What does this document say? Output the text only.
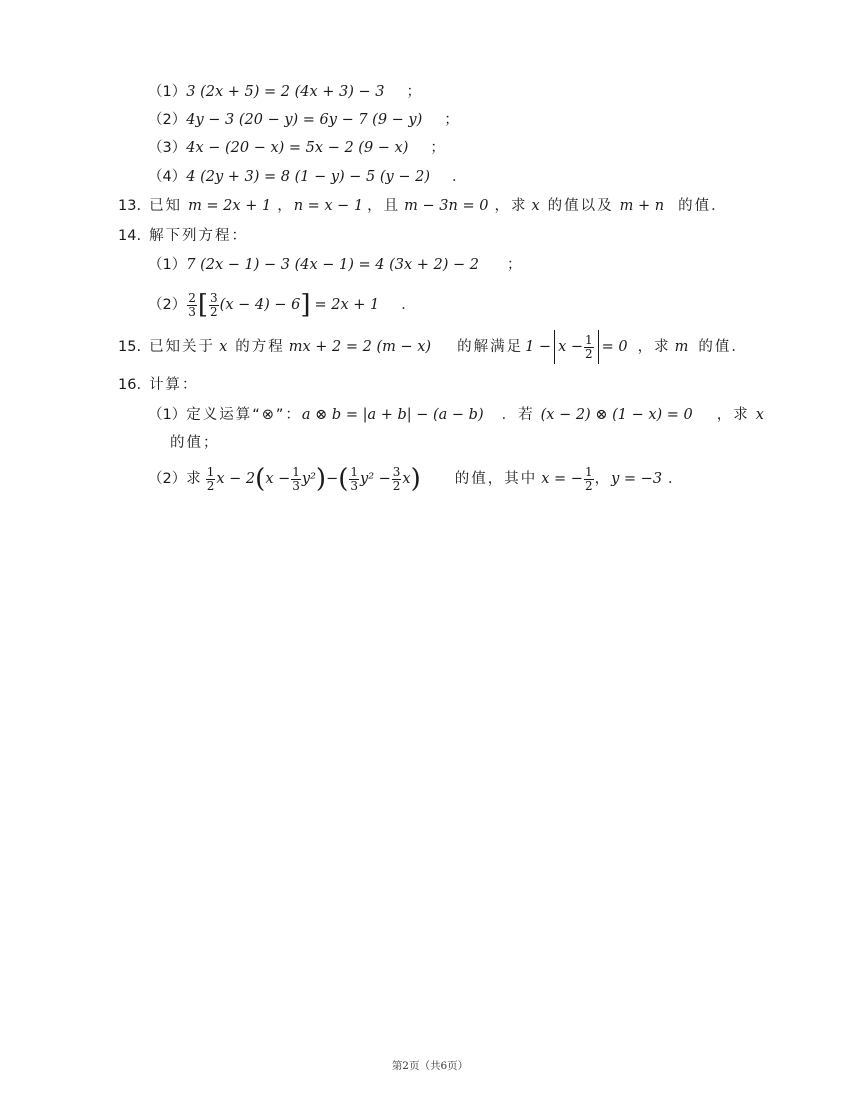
（1）3 (2x + 5) = 2 (4x + 3) − 3 ；
（2）4y − 3 (20 − y) = 6y − 7 (9 − y) ；
（3）4x − (20 − x) = 5x − 2 (9 − x) ；
（4）4 (2y + 3) = 8 (1 − y) − 5 (y − 2) ．
13. 已知 m = 2x + 1 ，n = x − 1 ，且 m − 3n = 0 ，求 x 的值以及 m + n 的值．
14. 解下列方程：
（1）7 (2x − 1) − 3 (4x − 1) = 4 (3x + 2) − 2 ；
$(2) \frac{2}{3}$ [ $\frac{3}{2} (x - 4) - 6] = 2x + 1$ ．
15. 已知关于 x 的方程 mx + 2 = 2 (m − x) 的解满足 $1 - x - \frac{1}{2} = 0$ ，求 m 的值．
16. 计算：
（1）定义运算“⊗”：a ⊗ b = |a + b| − (a − b) ．若 (x − 2) ⊗ (1 − x) = 0 ，求 x
的值；
（2）求 $\frac{1}{2}$ $x - 2(x - \frac{1}{3} y^2)-( \frac{1}{3} y^2 - \frac{3}{2} x)$ 的值，其中 x = − $\frac{1}{2}$ ，y = −3 ．
第2页（共6页）
